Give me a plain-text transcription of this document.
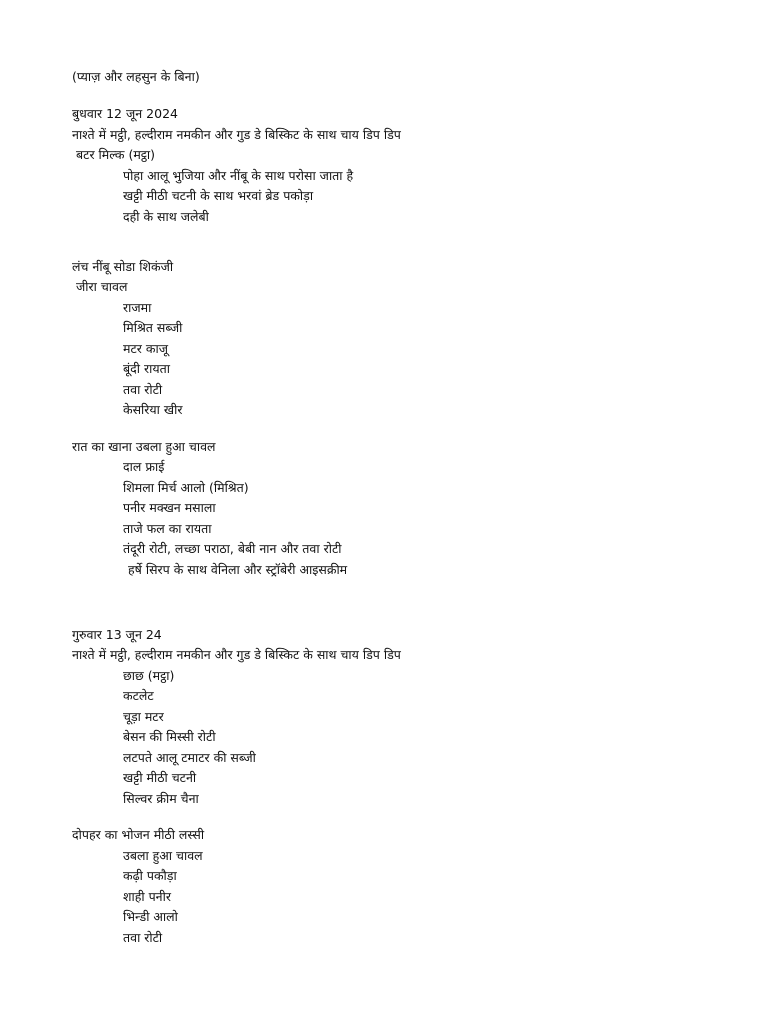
(प्याज़ और लहसुन के बिना)
बुधवार 12 जून 2024
नाश्ते में मट्ठी, हल्दीराम नमकीन और गुड डे बिस्किट के साथ चाय डिप डिप
बटर मिल्क (मट्ठा)
पोहा आलू भुजिया और नींबू के साथ परोसा जाता है
खट्टी मीठी चटनी के साथ भरवां ब्रेड पकोड़ा
दही के साथ जलेबी
लंच नींबू सोडा शिकंजी
जीरा चावल
राजमा
मिश्रित सब्जी
मटर काजू
बूंदी रायता
तवा रोटी
केसरिया खीर
रात का खाना उबला हुआ चावल
दाल फ्राई
शिमला मिर्च आलो (मिश्रित)
पनीर मक्खन मसाला
ताजे फल का रायता
तंदूरी रोटी, लच्छा पराठा, बेबी नान और तवा रोटी
हर्षे सिरप के साथ वेनिला और स्ट्रॉबेरी आइसक्रीम
गुरुवार 13 जून 24
नाश्ते में मट्ठी, हल्दीराम नमकीन और गुड डे बिस्किट के साथ चाय डिप डिप
छाछ (मट्ठा)
कटलेट
चूड़ा मटर
बेसन की मिस्सी रोटी
लटपते आलू टमाटर की सब्जी
खट्टी मीठी चटनी
सिल्वर क्रीम चैना
दोपहर का भोजन मीठी लस्सी
उबला हुआ चावल
कढ़ी पकौड़ा
शाही पनीर
भिन्डी आलो
तवा रोटी
